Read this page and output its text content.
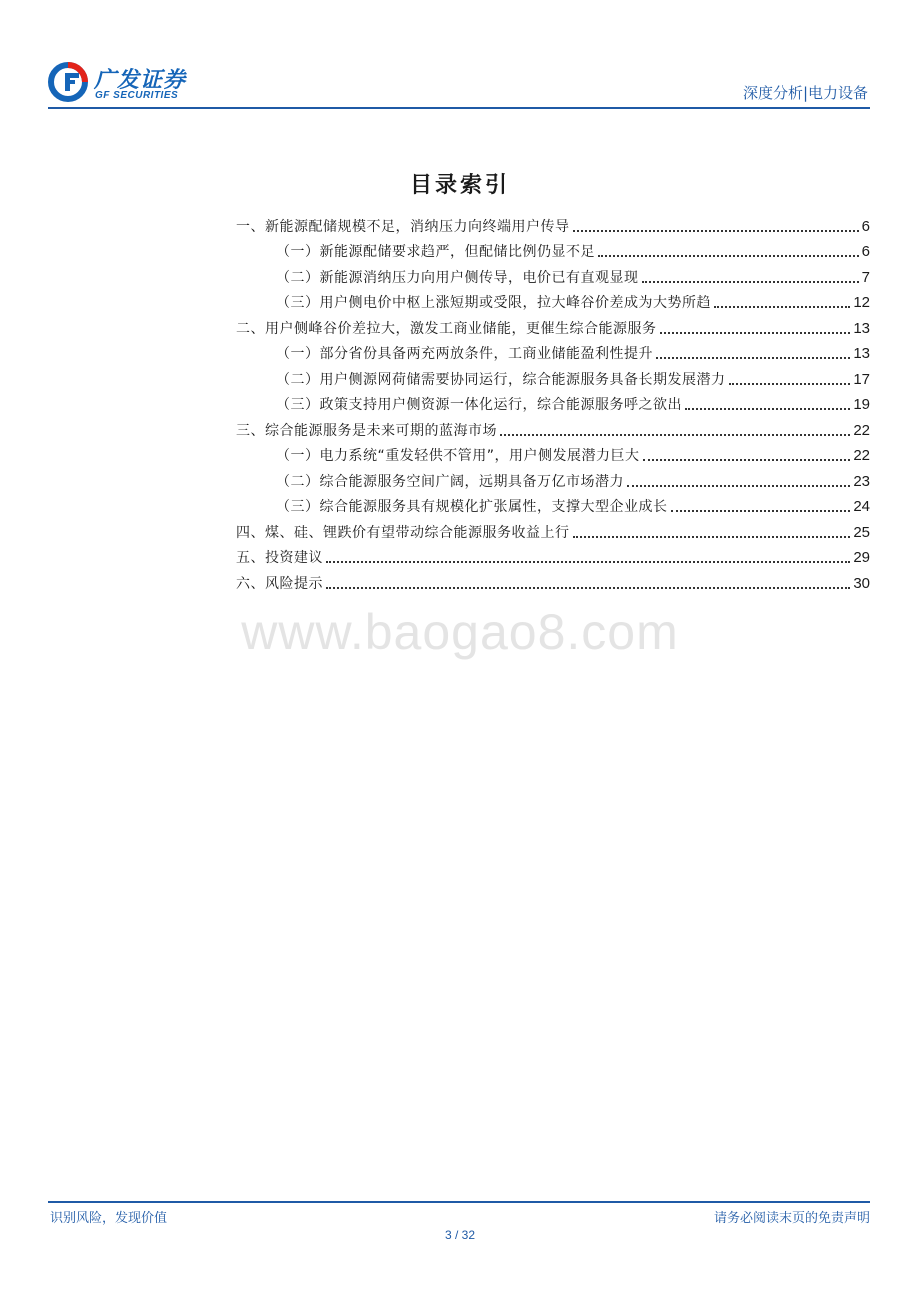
广发证券
GF SECURITIES	深度分析|电力设备
目录索引
一、新能源配储规模不足，消纳压力向终端用户传导	6
（一）新能源配储要求趋严，但配储比例仍显不足	6
（二）新能源消纳压力向用户侧传导，电价已有直观显现	7
（三）用户侧电价中枢上涨短期或受限，拉大峰谷价差成为大势所趋	12
二、用户侧峰谷价差拉大，激发工商业储能，更催生综合能源服务	13
（一）部分省份具备两充两放条件，工商业储能盈利性提升	13
（二）用户侧源网荷储需要协同运行，综合能源服务具备长期发展潜力	17
（三）政策支持用户侧资源一体化运行，综合能源服务呼之欲出	19
三、综合能源服务是未来可期的蓝海市场	22
（一）电力系统“重发轻供不管用”，用户侧发展潜力巨大	22
（二）综合能源服务空间广阔，远期具备万亿市场潜力	23
（三）综合能源服务具有规模化扩张属性，支撑大型企业成长	24
四、煤、硅、锂跌价有望带动综合能源服务收益上行	25
五、投资建议	29
六、风险提示	30
www.baogao8.com
识别风险，发现价值	请务必阅读末页的免责声明
3 / 32
